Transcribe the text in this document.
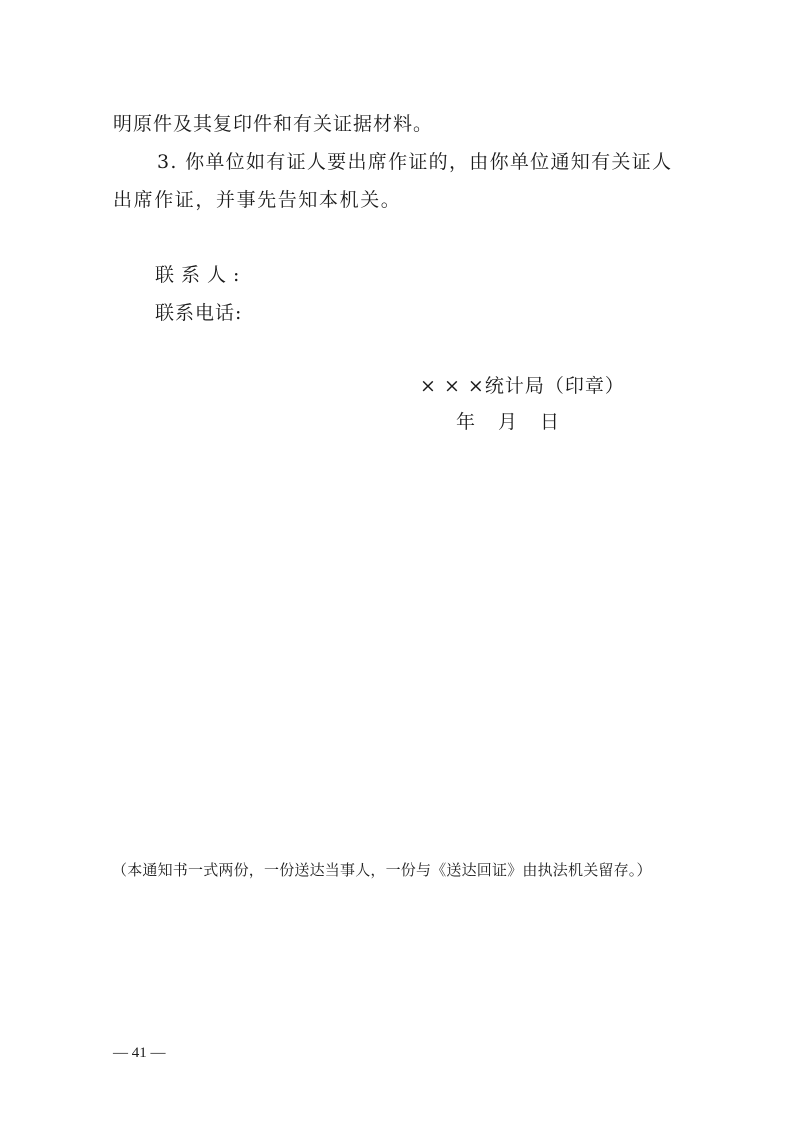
明原件及其复印件和有关证据材料。
3. 你单位如有证人要出席作证的，由你单位通知有关证人
出席作证，并事先告知本机关。
联系人:
联系电话:
× × ×统计局（印章）
年 月 日
（本通知书一式两份，一份送达当事人，一份与《送达回证》由执法机关留存。）
— 41 —
